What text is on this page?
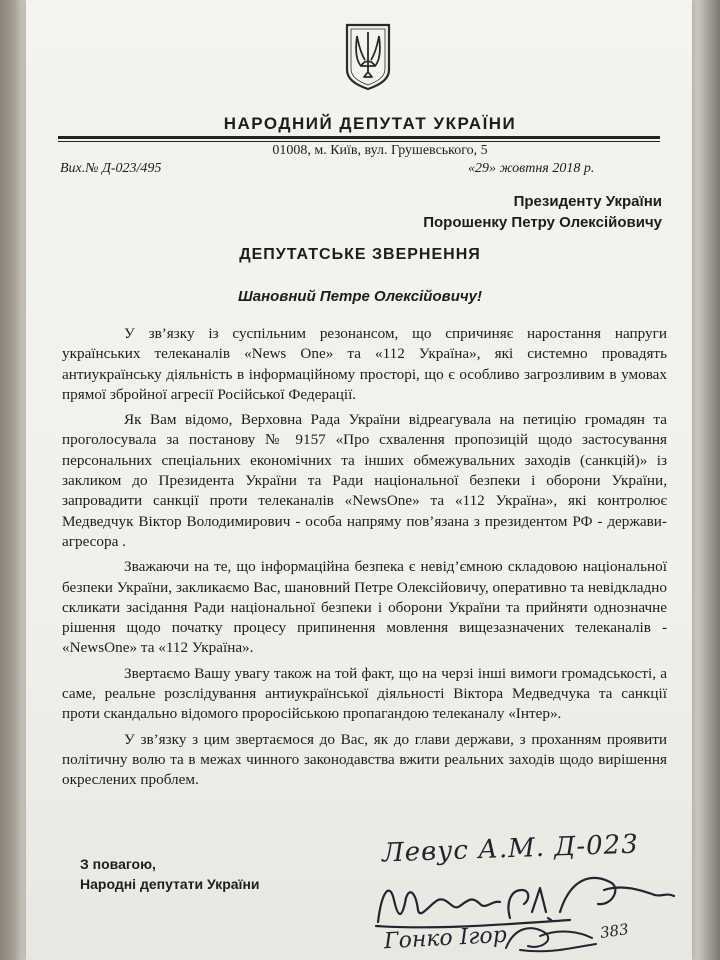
НАРОДНИЙ ДЕПУТАТ УКРАЇНИ
01008, м. Київ, вул. Грушевського, 5
Вих.№ Д-023/495	«29» жовтня 2018 р.
Президенту України
Порошенку Петру Олексійовичу
ДЕПУТАТСЬКЕ ЗВЕРНЕННЯ
Шановний Петре Олексійовичу!

У зв’язку із суспільним резонансом, що спричиняє наростання напруги українських телеканалів «News One» та «112 Україна», які системно провадять антиукраїнську діяльність в інформаційному просторі, що є особливо загрозливим в умовах прямої збройної агресії Російської Федерації.

Як Вам відомо, Верховна Рада України відреагувала на петицію громадян та проголосувала за постанову № 9157 «Про схвалення пропозицій щодо застосування персональних спеціальних економічних та інших обмежувальних заходів (санкцій)» із закликом до Президента України та Ради національної безпеки і оборони України, запровадити санкції проти телеканалів «NewsOne» та «112 Україна», які контролює Медведчук Віктор Володимирович - особа напряму пов’язана з президентом РФ - держави-агресора .

Зважаючи на те, що інформаційна безпека є невід’ємною складовою національної безпеки України, закликаємо Вас, шановний Петре Олексійовичу, оперативно та невідкладно скликати засідання Ради національної безпеки і оборони України та прийняти однозначне рішення щодо початку процесу припинення мовлення вищезазначених телеканалів - «NewsOne» та «112 Україна».

Звертаємо Вашу увагу також на той факт, що на черзі інші вимоги громадськості, а саме, реальне розслідування антиукраїнської діяльності Віктора Медведчука та санкції проти скандально відомого проросійською пропагандою телеканалу «Інтер».

У зв’язку з цим звертаємося до Вас, як до глави держави, з проханням проявити політичну волю та в межах чинного законодавства вжити реальних заходів щодо вирішення окреслених проблем.

З повагою,
Народні депутати України
Левус А.М. Д-023
Гонко Ігор	383
